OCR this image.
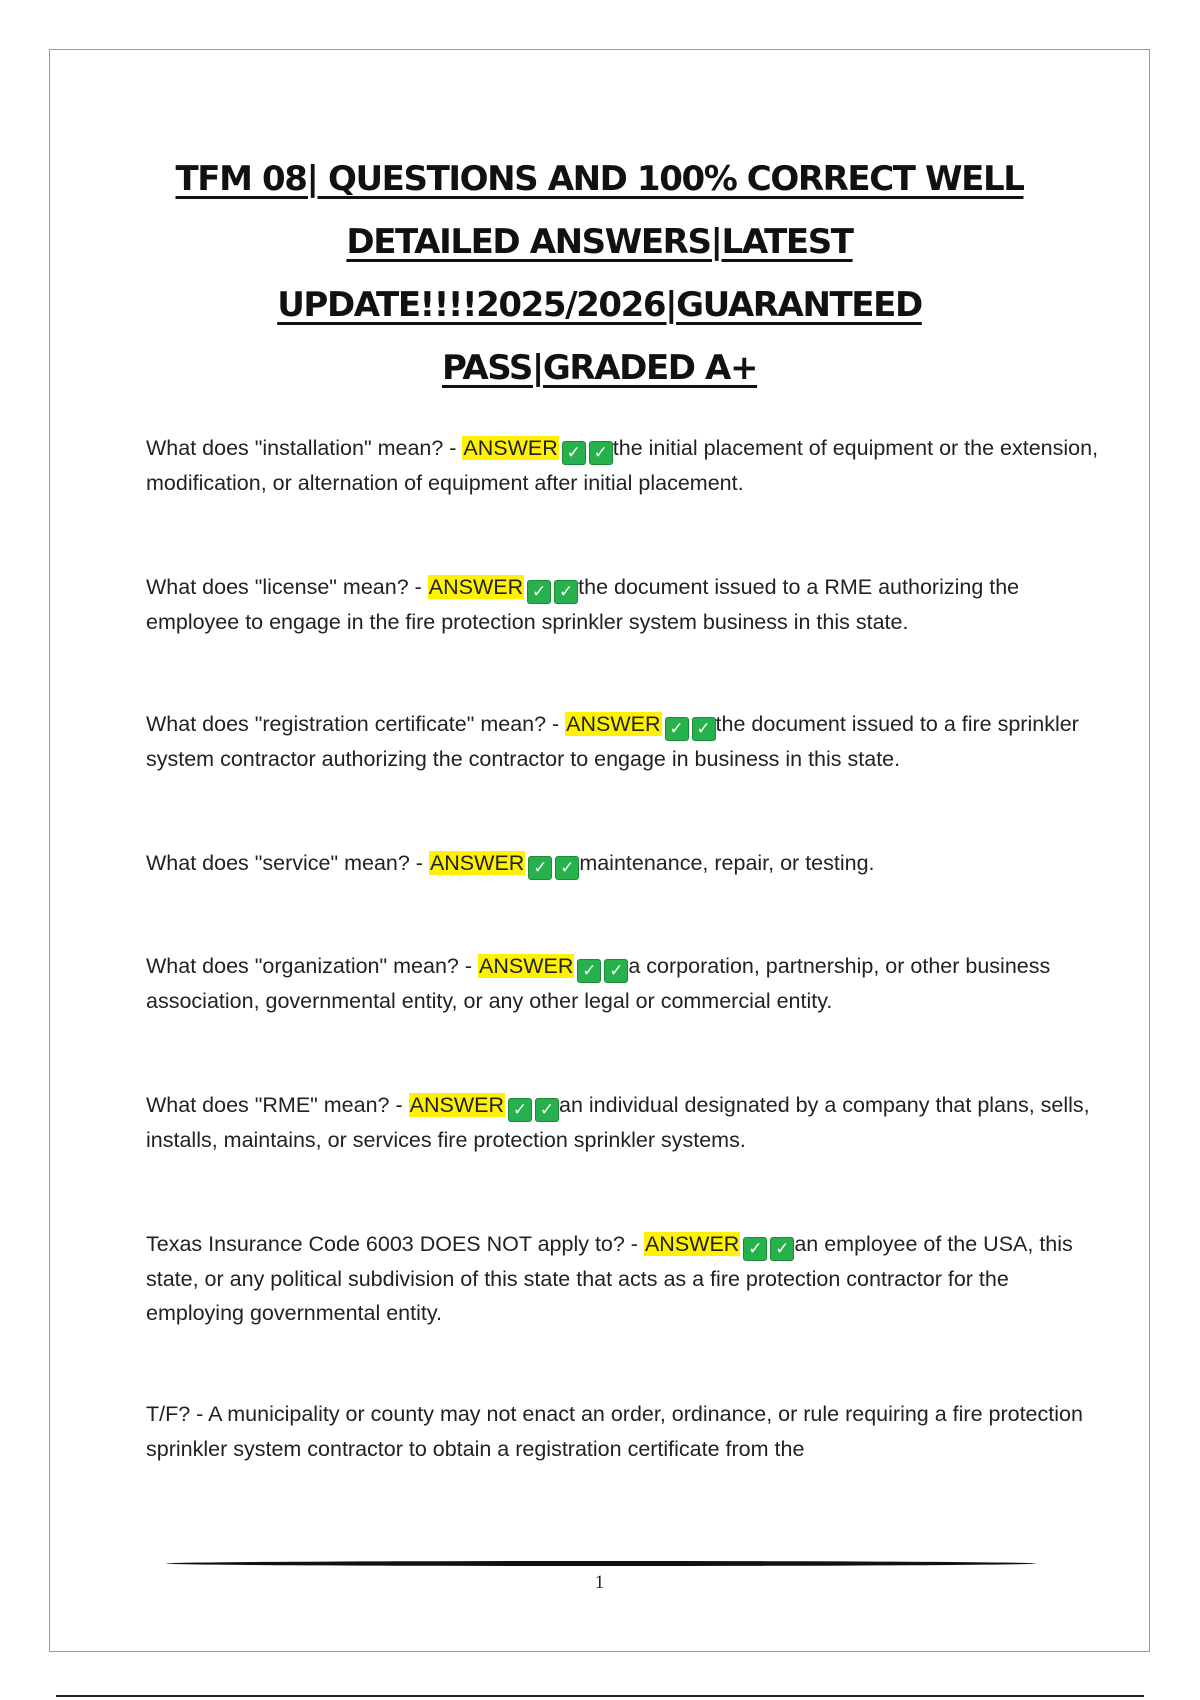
TFM 08| QUESTIONS AND 100% CORRECT WELL
DETAILED ANSWERS|LATEST
UPDATE!!!!2025/2026|GUARANTEED
PASS|GRADED A+

What does "installation" mean? - ANSWER ✓ ✓ the initial placement of equipment or the extension, modification, or alternation of equipment after initial placement.

What does "license" mean? - ANSWER ✓ ✓ the document issued to a RME authorizing the employee to engage in the fire protection sprinkler system business in this state.

What does "registration certificate" mean? - ANSWER ✓ ✓ the document issued to a fire sprinkler system contractor authorizing the contractor to engage in business in this state.

What does "service" mean? - ANSWER ✓ ✓ maintenance, repair, or testing.

What does "organization" mean? - ANSWER ✓ ✓ a corporation, partnership, or other business association, governmental entity, or any other legal or commercial entity.

What does "RME" mean? - ANSWER ✓ ✓ an individual designated by a company that plans, sells, installs, maintains, or services fire protection sprinkler systems.

Texas Insurance Code 6003 DOES NOT apply to? - ANSWER ✓ ✓ an employee of the USA, this state, or any political subdivision of this state that acts as a fire protection contractor for the employing governmental entity.

T/F? - A municipality or county may not enact an order, ordinance, or rule requiring a fire protection sprinkler system contractor to obtain a registration certificate from the

1
